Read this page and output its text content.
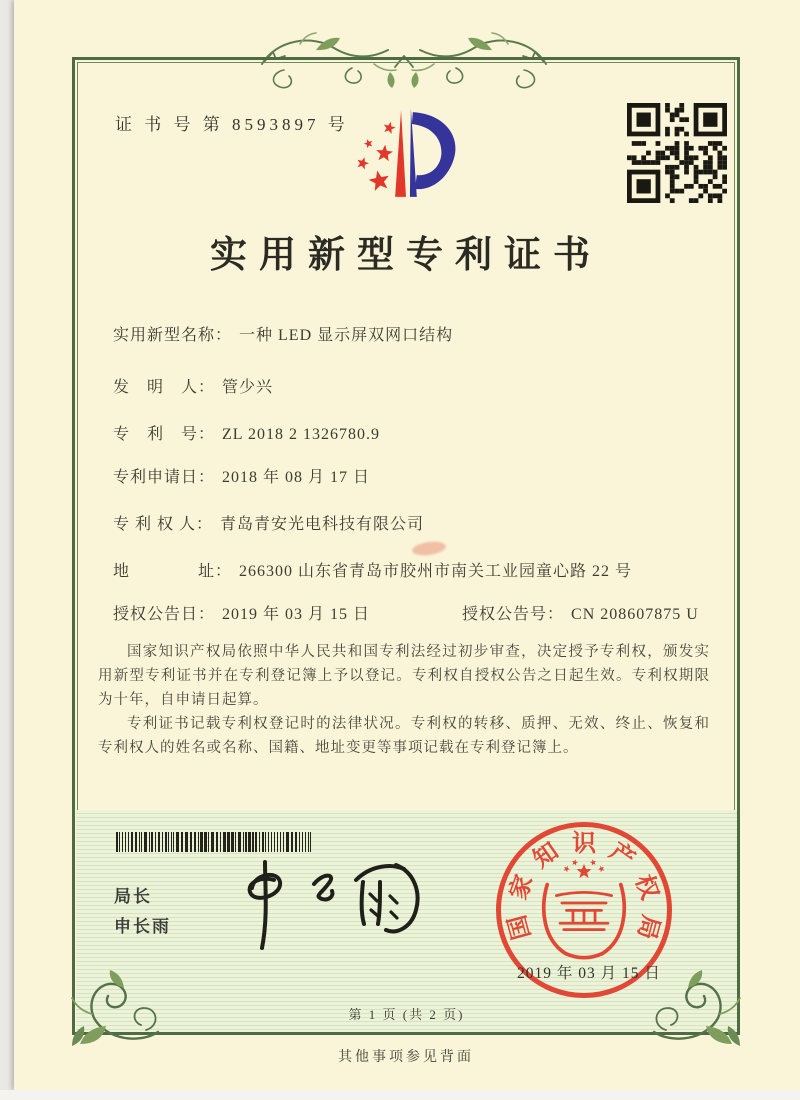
证 书 号 第 8593897 号
实用新型专利证书
实用新型名称： 一种 LED 显示屏双网口结构
发　明　人： 管少兴
专　利　号： ZL 2018 2 1326780.9
专利申请日： 2018 年 08 月 17 日
专 利 权 人： 青岛青安光电科技有限公司
地　　　　址： 266300 山东省青岛市胶州市南关工业园童心路 22 号
授权公告日： 2019 年 03 月 15 日	授权公告号： CN 208607875 U

国家知识产权局依照中华人民共和国专利法经过初步审查，决定授予专利权，颁发实用新型专利证书并在专利登记簿上予以登记。专利权自授权公告之日起生效。专利权期限为十年，自申请日起算。

专利证书记载专利权登记时的法律状况。专利权的转移、质押、无效、终止、恢复和专利权人的姓名或名称、国籍、地址变更等事项记载在专利登记簿上。

局长
申长雨	国
家
知 识 产
权
局
2019 年 03 月 15 日
第 1 页 (共 2 页)
其他事项参见背面
